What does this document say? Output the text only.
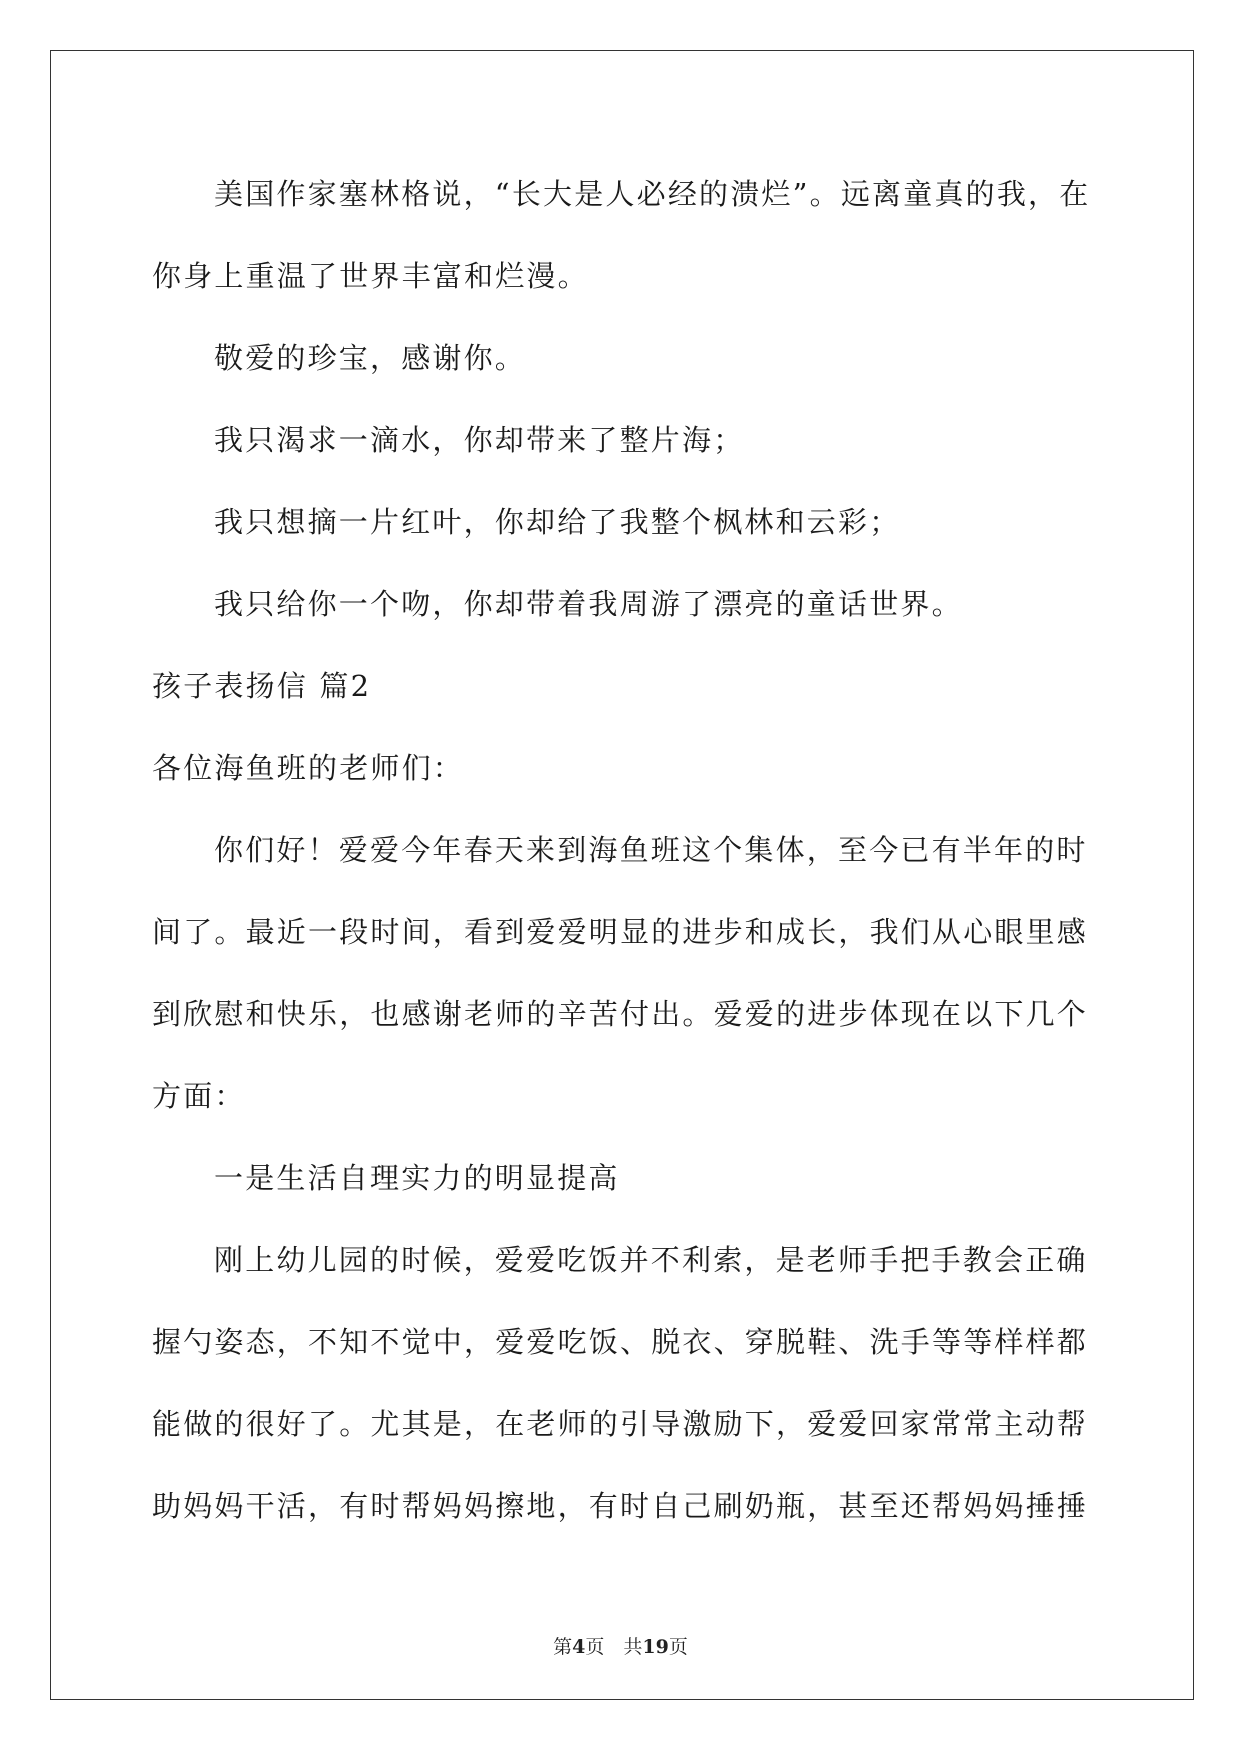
美国作家塞林格说，“长大是人必经的溃烂”。远离童真的我，在
你身上重温了世界丰富和烂漫。
敬爱的珍宝，感谢你。
我只渴求一滴水，你却带来了整片海；
我只想摘一片红叶，你却给了我整个枫林和云彩；
我只给你一个吻，你却带着我周游了漂亮的童话世界。
孩子表扬信 篇2
各位海鱼班的老师们：
你们好！爱爱今年春天来到海鱼班这个集体，至今已有半年的时
间了。最近一段时间，看到爱爱明显的进步和成长，我们从心眼里感
到欣慰和快乐，也感谢老师的辛苦付出。爱爱的进步体现在以下几个
方面：
一是生活自理实力的明显提高
刚上幼儿园的时候，爱爱吃饭并不利索，是老师手把手教会正确
握勺姿态，不知不觉中，爱爱吃饭、脱衣、穿脱鞋、洗手等等样样都
能做的很好了。尤其是，在老师的引导激励下，爱爱回家常常主动帮
助妈妈干活，有时帮妈妈擦地，有时自己刷奶瓶，甚至还帮妈妈捶捶
第4页　共19页
